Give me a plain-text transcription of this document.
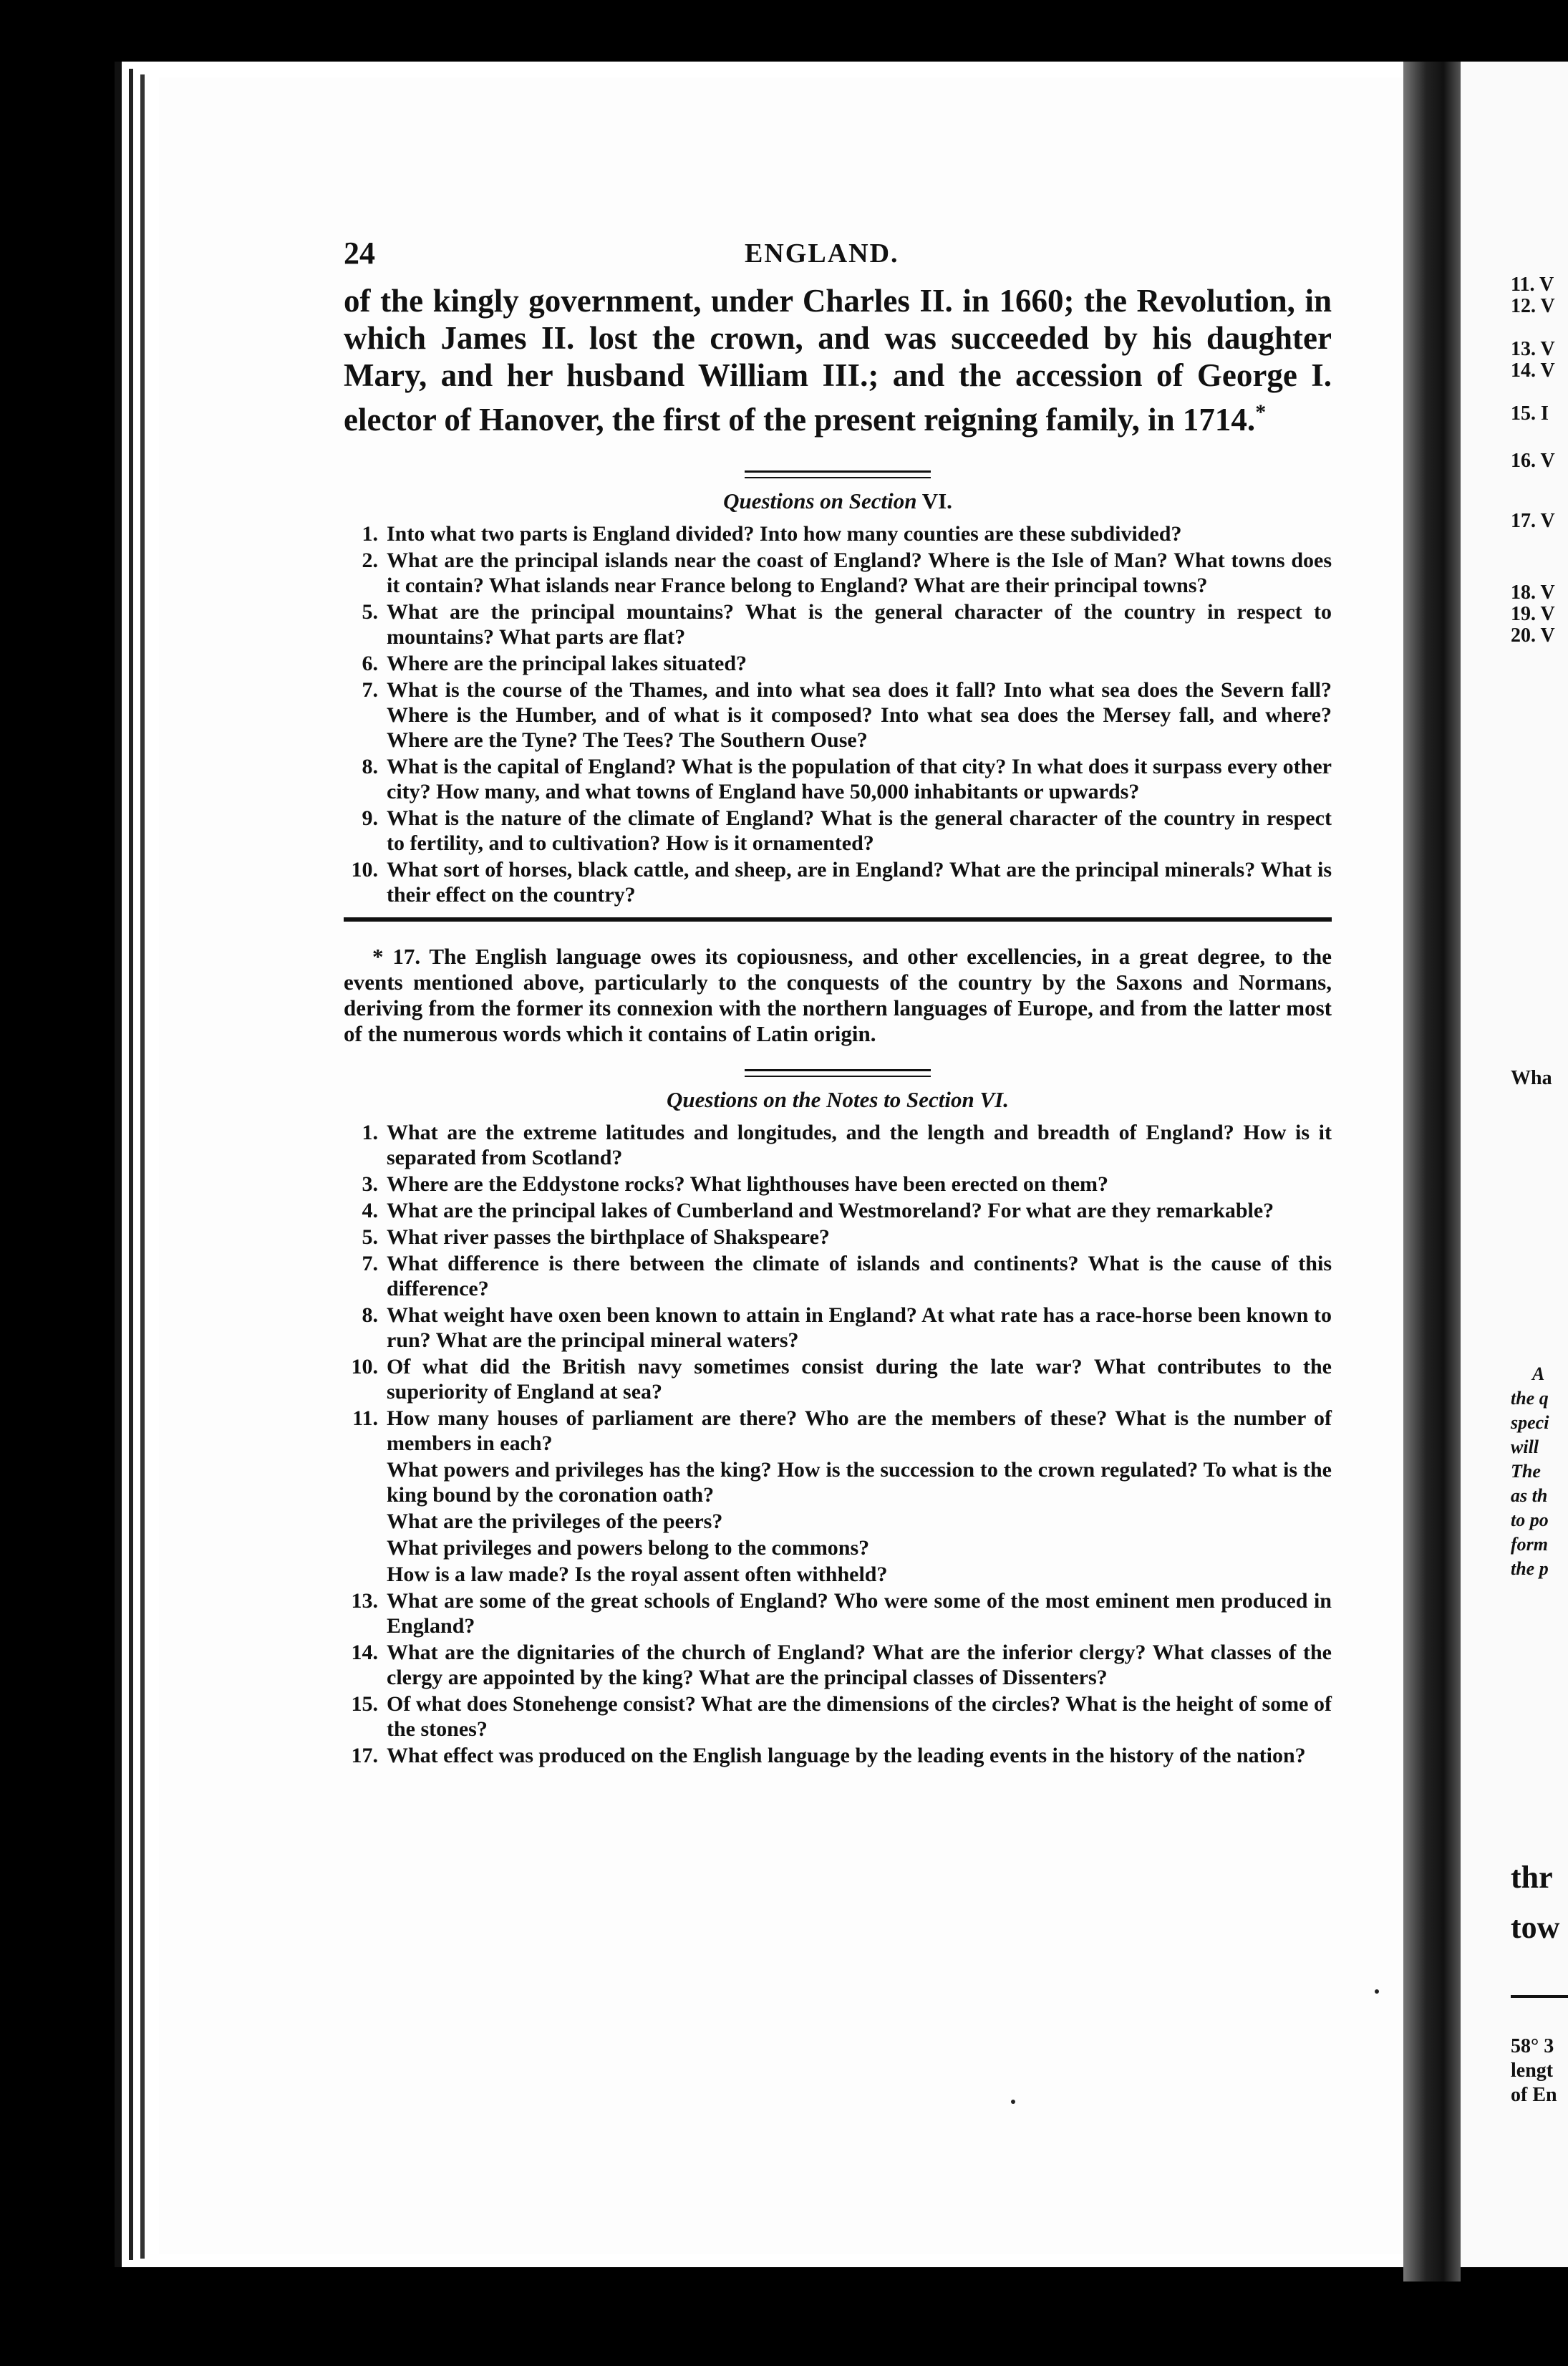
11. V
12. V
13. V
14. V
15. I
16. V
17. V
18. V
19. V
20. V
Wha
A
the q
speci
will
The
as th
to po
form
the p
thr
tow
58° 3
lengt
of En
24	ENGLAND.

of the kingly government, under Charles II. in 1660; the Revolution, in which James II. lost the crown, and was succeeded by his daughter Mary, and her husband William III.; and the accession of George I. elector of Hanover, the first of the present reigning family, in 1714.*

Questions on Section VI.
1. Into what two parts is England divided? Into how many counties are these subdivided?
2. What are the principal islands near the coast of England? Where is the Isle of Man? What towns does it contain? What islands near France belong to England? What are their principal towns?
5. What are the principal mountains? What is the general character of the country in respect to mountains? What parts are flat?
6. Where are the principal lakes situated?
7. What is the course of the Thames, and into what sea does it fall? Into what sea does the Severn fall? Where is the Humber, and of what is it composed? Into what sea does the Mersey fall, and where? Where are the Tyne? The Tees? The Southern Ouse?
8. What is the capital of England? What is the population of that city? In what does it surpass every other city? How many, and what towns of England have 50,000 inhabitants or upwards?
9. What is the nature of the climate of England? What is the general character of the country in respect to fertility, and to cultivation? How is it ornamented?
10. What sort of horses, black cattle, and sheep, are in England? What are the principal minerals? What is their effect on the country?

* 17. The English language owes its copiousness, and other excellencies, in a great degree, to the events mentioned above, particularly to the conquests of the country by the Saxons and Normans, deriving from the former its connexion with the northern languages of Europe, and from the latter most of the numerous words which it contains of Latin origin.

Questions on the Notes to Section VI.
1. What are the extreme latitudes and longitudes, and the length and breadth of England? How is it separated from Scotland?
3. Where are the Eddystone rocks? What lighthouses have been erected on them?
4. What are the principal lakes of Cumberland and Westmoreland? For what are they remarkable?
5. What river passes the birthplace of Shakspeare?
7. What difference is there between the climate of islands and continents? What is the cause of this difference?
8. What weight have oxen been known to attain in England? At what rate has a race-horse been known to run? What are the principal mineral waters?
10. Of what did the British navy sometimes consist during the late war? What contributes to the superiority of England at sea?
11. How many houses of parliament are there? Who are the members of these? What is the number of members in each?
What powers and privileges has the king? How is the succession to the crown regulated? To what is the king bound by the coronation oath?
What are the privileges of the peers?
What privileges and powers belong to the commons?
How is a law made? Is the royal assent often withheld?
13. What are some of the great schools of England? Who were some of the most eminent men produced in England?
14. What are the dignitaries of the church of England? What are the inferior clergy? What classes of the clergy are appointed by the king? What are the principal classes of Dissenters?
15. Of what does Stonehenge consist? What are the dimensions of the circles? What is the height of some of the stones?
17. What effect was produced on the English language by the leading events in the history of the nation?
